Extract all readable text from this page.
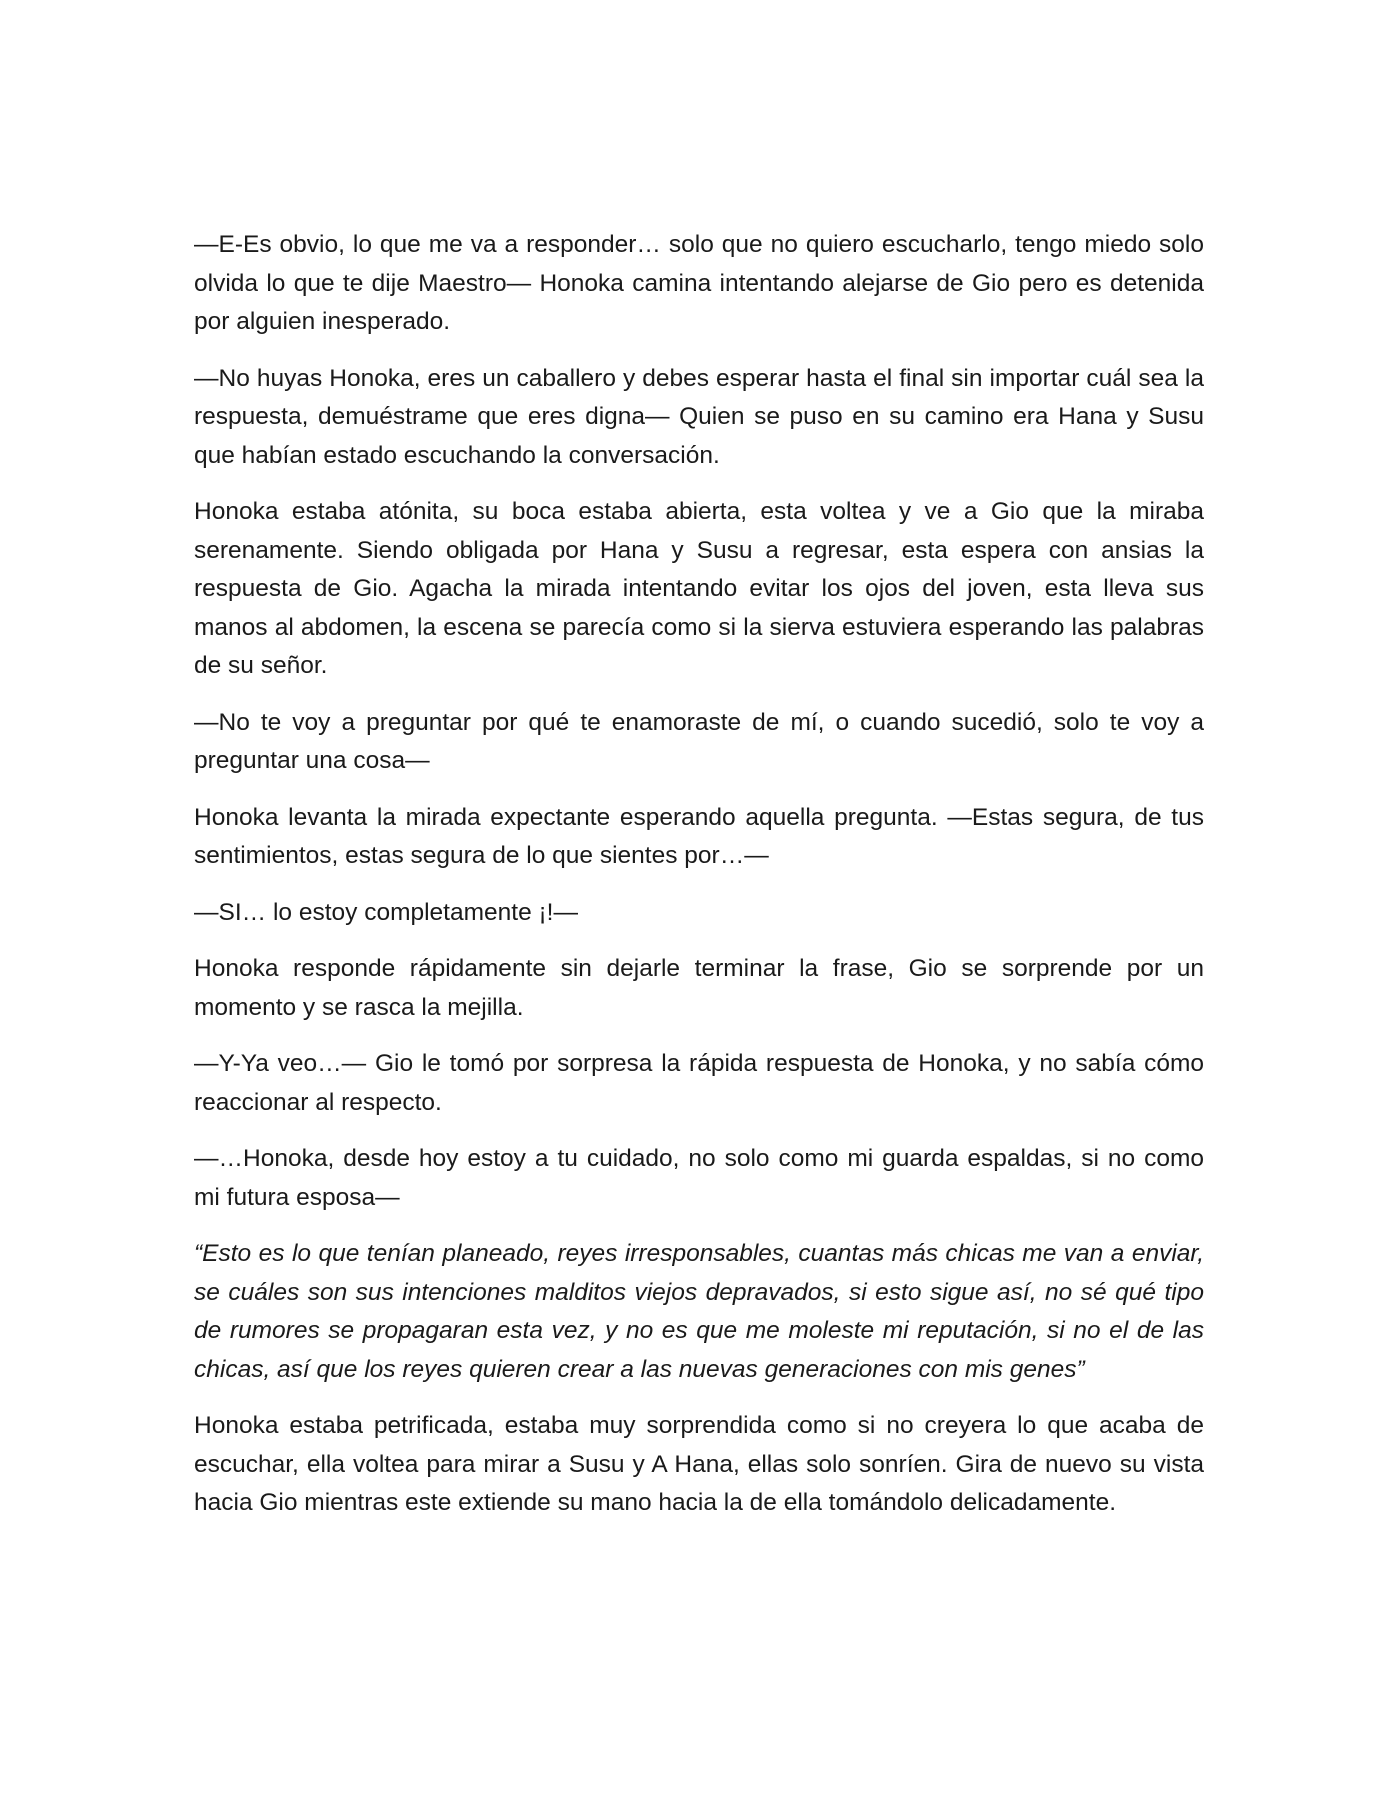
—E-Es obvio, lo que me va a responder… solo que no quiero escucharlo, tengo miedo solo olvida lo que te dije Maestro— Honoka camina intentando alejarse de Gio pero es detenida por alguien inesperado.

—No huyas Honoka, eres un caballero y debes esperar hasta el final sin importar cuál sea la respuesta, demuéstrame que eres digna— Quien se puso en su camino era Hana y Susu que habían estado escuchando la conversación.

Honoka estaba atónita, su boca estaba abierta, esta voltea y ve a Gio que la miraba serenamente. Siendo obligada por Hana y Susu a regresar, esta espera con ansias la respuesta de Gio. Agacha la mirada intentando evitar los ojos del joven, esta lleva sus manos al abdomen, la escena se parecía como si la sierva estuviera esperando las palabras de su señor.

—No te voy a preguntar por qué te enamoraste de mí, o cuando sucedió, solo te voy a preguntar una cosa—

Honoka levanta la mirada expectante esperando aquella pregunta. —Estas segura, de tus sentimientos, estas segura de lo que sientes por…—

—SI… lo estoy completamente ¡!—

Honoka responde rápidamente sin dejarle terminar la frase, Gio se sorprende por un momento y se rasca la mejilla.

—Y-Ya veo…— Gio le tomó por sorpresa la rápida respuesta de Honoka, y no sabía cómo reaccionar al respecto.

—…Honoka, desde hoy estoy a tu cuidado, no solo como mi guarda espaldas, si no como mi futura esposa—

“Esto es lo que tenían planeado, reyes irresponsables, cuantas más chicas me van a enviar, se cuáles son sus intenciones malditos viejos depravados, si esto sigue así, no sé qué tipo de rumores se propagaran esta vez, y no es que me moleste mi reputación, si no el de las chicas, así que los reyes quieren crear a las nuevas generaciones con mis genes”

Honoka estaba petrificada, estaba muy sorprendida como si no creyera lo que acaba de escuchar, ella voltea para mirar a Susu y A Hana, ellas solo sonríen. Gira de nuevo su vista hacia Gio mientras este extiende su mano hacia la de ella tomándolo delicadamente.
